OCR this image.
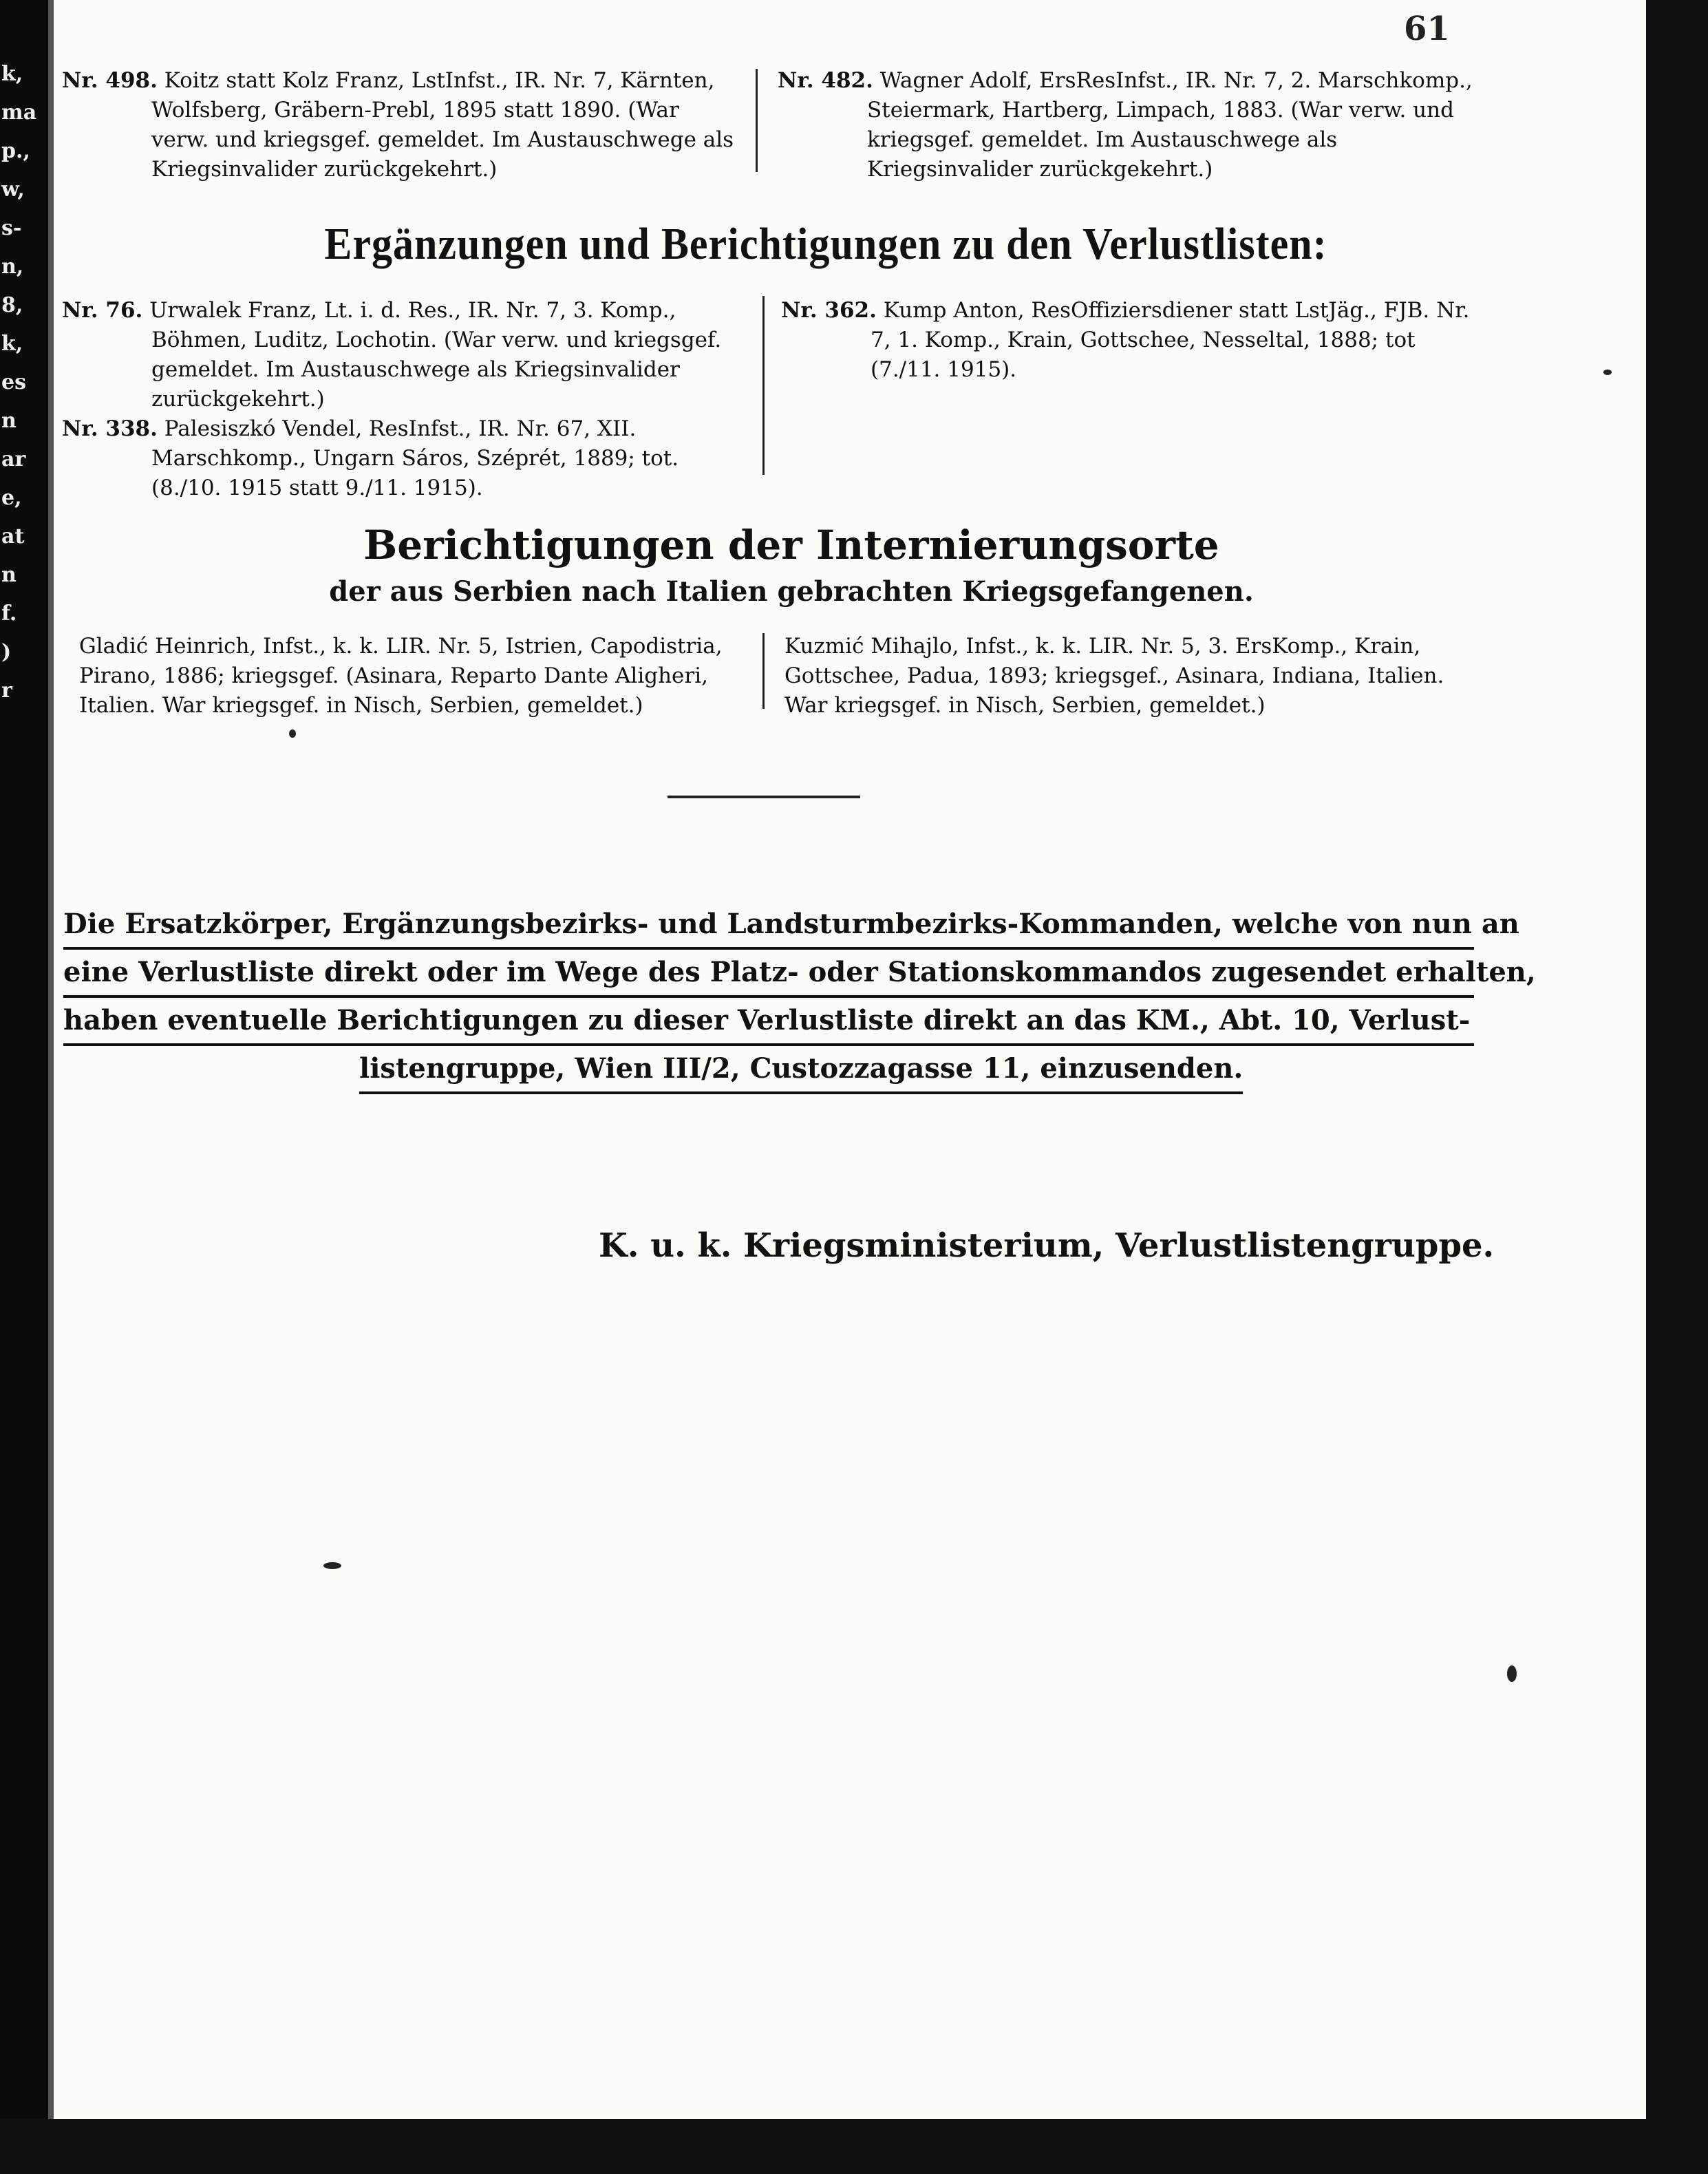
k,
ma
p.,
w,
s-
n,
8,
k,
es
n
ar
e,
at
n
f.
)
r
61
Nr. 498. Koitz statt Kolz Franz, LstInfst., IR. Nr. 7, Kärnten, Wolfsberg, Gräbern-Prebl, 1895 statt 1890. (War verw. und kriegsgef. gemeldet. Im Austauschwege als Kriegsinvalider zurückgekehrt.)
Nr. 482. Wagner Adolf, ErsResInfst., IR. Nr. 7, 2. Marschkomp., Steiermark, Hartberg, Limpach, 1883. (War verw. und kriegsgef. gemeldet. Im Austauschwege als Kriegsinvalider zurückgekehrt.)
Ergänzungen und Berichtigungen zu den Verlustlisten:
Nr. 76. Urwalek Franz, Lt. i. d. Res., IR. Nr. 7, 3. Komp., Böhmen, Luditz, Lochotin. (War verw. und kriegsgef. gemeldet. Im Austauschwege als Kriegsinvalider zurückgekehrt.)
Nr. 338. Palesiszkó Vendel, ResInfst., IR. Nr. 67, XII. Marschkomp., Ungarn Sáros, Széprét, 1889; tot. (8./10. 1915 statt 9./11. 1915).
Nr. 362. Kump Anton, ResOffiziersdiener statt LstJäg., FJB. Nr. 7, 1. Komp., Krain, Gottschee, Nesseltal, 1888; tot (7./11. 1915).
Berichtigungen der Internierungsorte
der aus Serbien nach Italien gebrachten Kriegsgefangenen.
Gladić Heinrich, Infst., k. k. LIR. Nr. 5, Istrien, Capodistria, Pirano, 1886; kriegsgef. (Asinara, Reparto Dante Aligheri, Italien. War kriegsgef. in Nisch, Serbien, gemeldet.)
Kuzmić Mihajlo, Infst., k. k. LIR. Nr. 5, 3. ErsKomp., Krain, Gottschee, Padua, 1893; kriegsgef., Asinara, Indiana, Italien. War kriegsgef. in Nisch, Serbien, gemeldet.)
Die Ersatzkörper, Ergänzungsbezirks- und Landsturmbezirks-Kommanden, welche von nun an
eine Verlustliste direkt oder im Wege des Platz- oder Stationskommandos zugesendet erhalten,
haben eventuelle Berichtigungen zu dieser Verlustliste direkt an das KM., Abt. 10, Verlust-
listengruppe, Wien III/2, Custozzagasse 11, einzusenden.
K. u. k. Kriegsministerium, Verlustlistengruppe.
